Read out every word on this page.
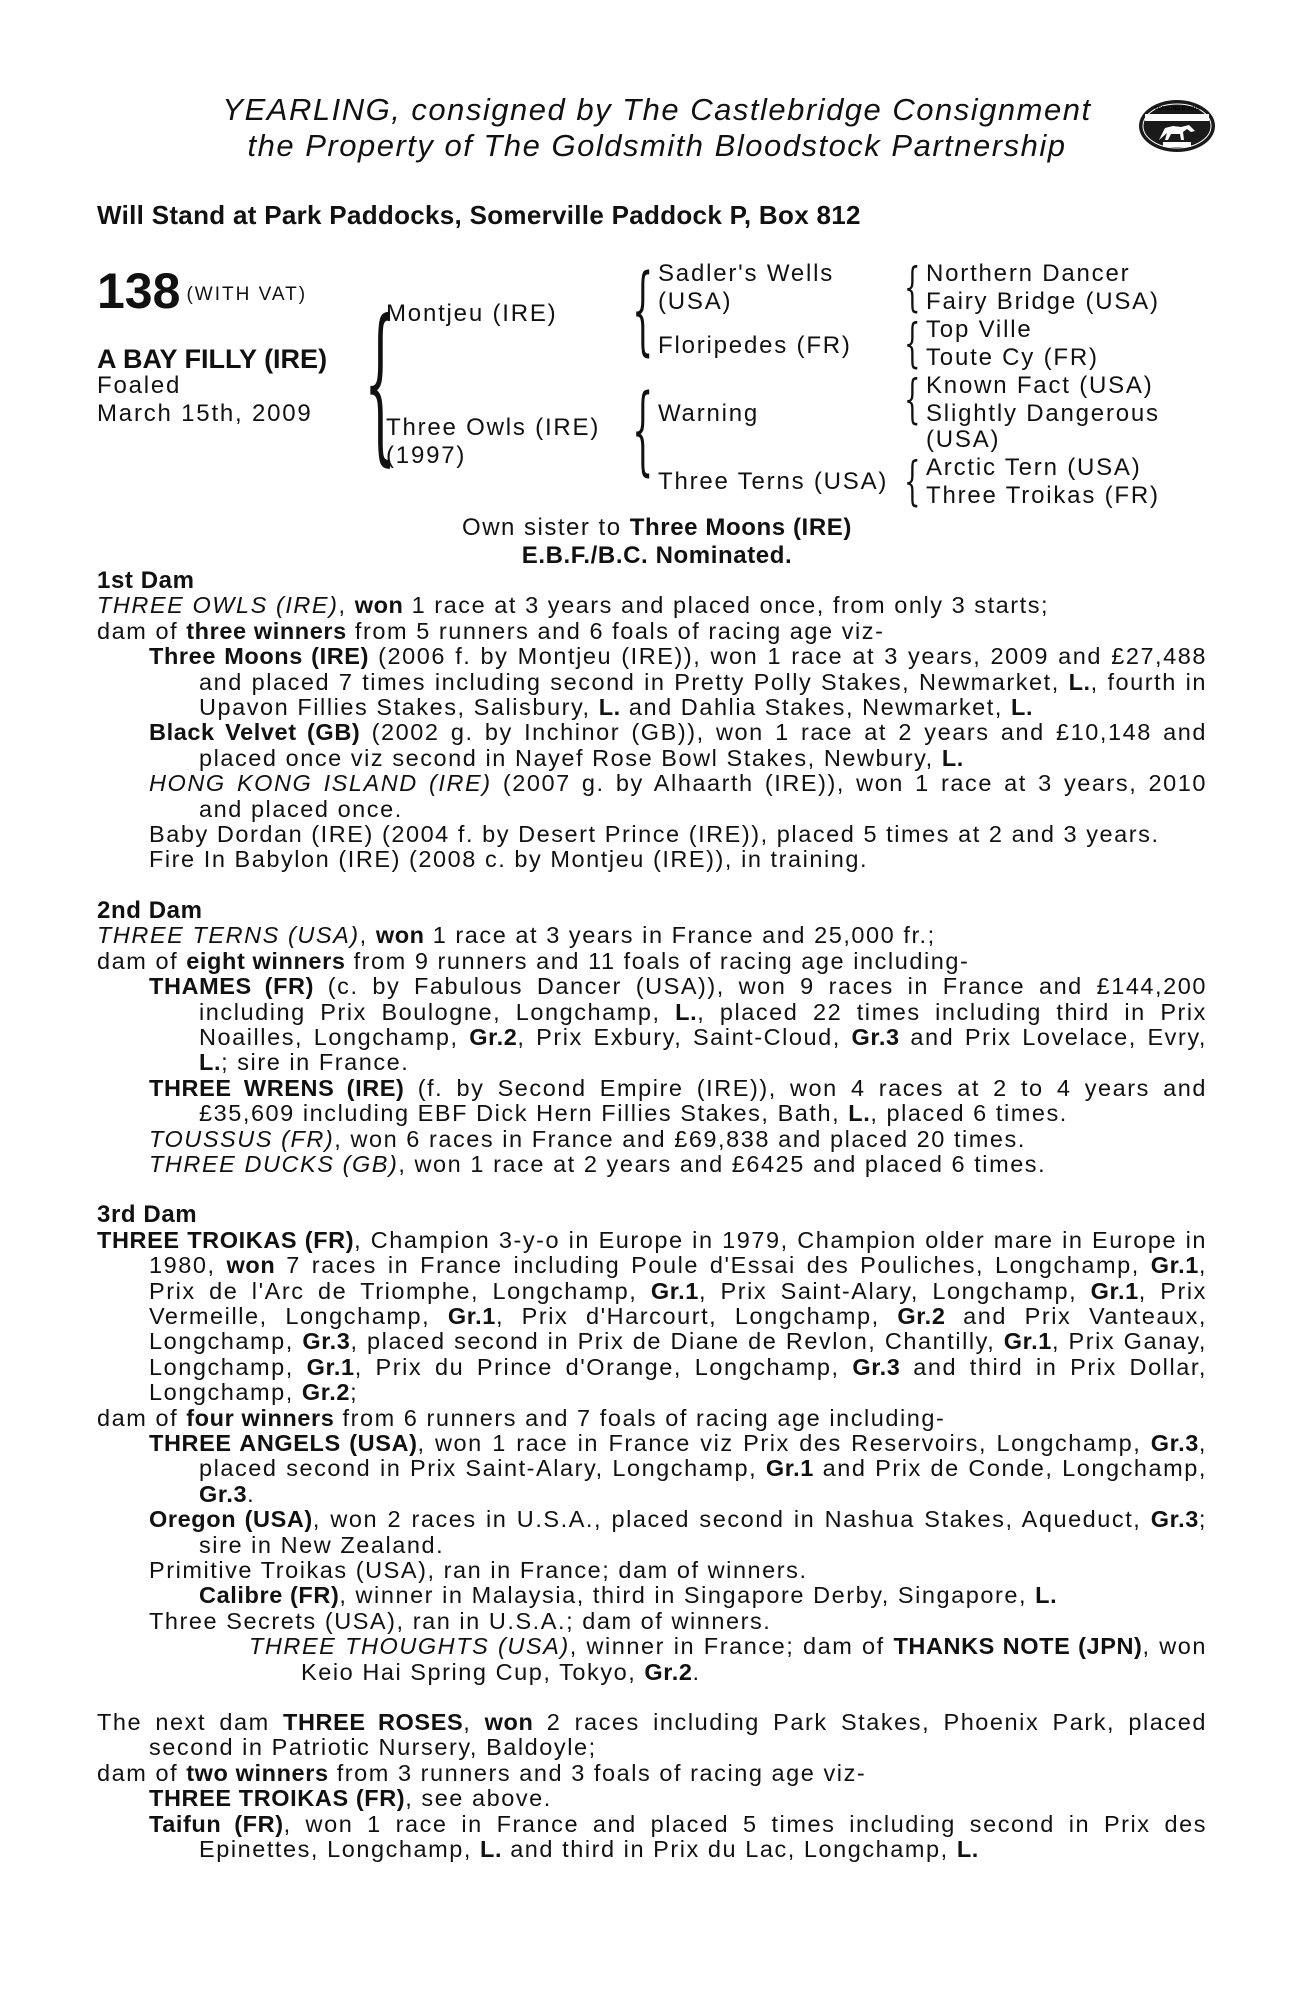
YEARLING, consigned by The Castlebridge Consignment
the Property of The Goldsmith Bloodstock Partnership
YEARLING BONUS
Will Stand at Park Paddocks, Somerville Paddock P, Box 812
138 (WITH VAT)
A BAY FILLY (IRE)
Foaled
March 15th, 2009 {
Montjeu (IRE)
Three Owls (IRE)
(1997)
{ Sadler's Wells
(USA)
Floripedes (FR)
{ Warning
Three Terns (USA)
{ Northern Dancer
Fairy Bridge (USA)
{ Top Ville
Toute Cy (FR)
{ Known Fact (USA)
Slightly Dangerous
(USA)
{ Arctic Tern (USA)
Three Troikas (FR)
Own sister to Three Moons (IRE)
E.B.F./B.C. Nominated.

1st Dam

THREE OWLS (IRE), won 1 race at 3 years and placed once, from only 3 starts;

dam of three winners from 5 runners and 6 foals of racing age viz-

Three Moons (IRE) (2006 f. by Montjeu (IRE)), won 1 race at 3 years, 2009 and £27,488 and placed 7 times including second in Pretty Polly Stakes, Newmarket, L., fourth in Upavon Fillies Stakes, Salisbury, L. and Dahlia Stakes, Newmarket, L.

Black Velvet (GB) (2002 g. by Inchinor (GB)), won 1 race at 2 years and £10,148 and placed once viz second in Nayef Rose Bowl Stakes, Newbury, L.

HONG KONG ISLAND (IRE) (2007 g. by Alhaarth (IRE)), won 1 race at 3 years, 2010 and placed once.

Baby Dordan (IRE) (2004 f. by Desert Prince (IRE)), placed 5 times at 2 and 3 years.

Fire In Babylon (IRE) (2008 c. by Montjeu (IRE)), in training.

2nd Dam

THREE TERNS (USA), won 1 race at 3 years in France and 25,000 fr.;

dam of eight winners from 9 runners and 11 foals of racing age including-

THAMES (FR) (c. by Fabulous Dancer (USA)), won 9 races in France and £144,200 including Prix Boulogne, Longchamp, L., placed 22 times including third in Prix Noailles, Longchamp, Gr.2, Prix Exbury, Saint-Cloud, Gr.3 and Prix Lovelace, Evry, L.; sire in France.

THREE WRENS (IRE) (f. by Second Empire (IRE)), won 4 races at 2 to 4 years and £35,609 including EBF Dick Hern Fillies Stakes, Bath, L., placed 6 times.

TOUSSUS (FR), won 6 races in France and £69,838 and placed 20 times.

THREE DUCKS (GB), won 1 race at 2 years and £6425 and placed 6 times.

3rd Dam

THREE TROIKAS (FR), Champion 3-y-o in Europe in 1979, Champion older mare in Europe in 1980, won 7 races in France including Poule d'Essai des Pouliches, Longchamp, Gr.1, Prix de l'Arc de Triomphe, Longchamp, Gr.1, Prix Saint-Alary, Longchamp, Gr.1, Prix Vermeille, Longchamp, Gr.1, Prix d'Harcourt, Longchamp, Gr.2 and Prix Vanteaux, Longchamp, Gr.3, placed second in Prix de Diane de Revlon, Chantilly, Gr.1, Prix Ganay, Longchamp, Gr.1, Prix du Prince d'Orange, Longchamp, Gr.3 and third in Prix Dollar, Longchamp, Gr.2;

dam of four winners from 6 runners and 7 foals of racing age including-

THREE ANGELS (USA), won 1 race in France viz Prix des Reservoirs, Longchamp, Gr.3, placed second in Prix Saint-Alary, Longchamp, Gr.1 and Prix de Conde, Longchamp, Gr.3.

Oregon (USA), won 2 races in U.S.A., placed second in Nashua Stakes, Aqueduct, Gr.3; sire in New Zealand.

Primitive Troikas (USA), ran in France; dam of winners.

Calibre (FR), winner in Malaysia, third in Singapore Derby, Singapore, L.

Three Secrets (USA), ran in U.S.A.; dam of winners.

THREE THOUGHTS (USA), winner in France; dam of THANKS NOTE (JPN), won Keio Hai Spring Cup, Tokyo, Gr.2.

The next dam THREE ROSES, won 2 races including Park Stakes, Phoenix Park, placed second in Patriotic Nursery, Baldoyle;

dam of two winners from 3 runners and 3 foals of racing age viz-

THREE TROIKAS (FR), see above.

Taifun (FR), won 1 race in France and placed 5 times including second in Prix des Epinettes, Longchamp, L. and third in Prix du Lac, Longchamp, L.
